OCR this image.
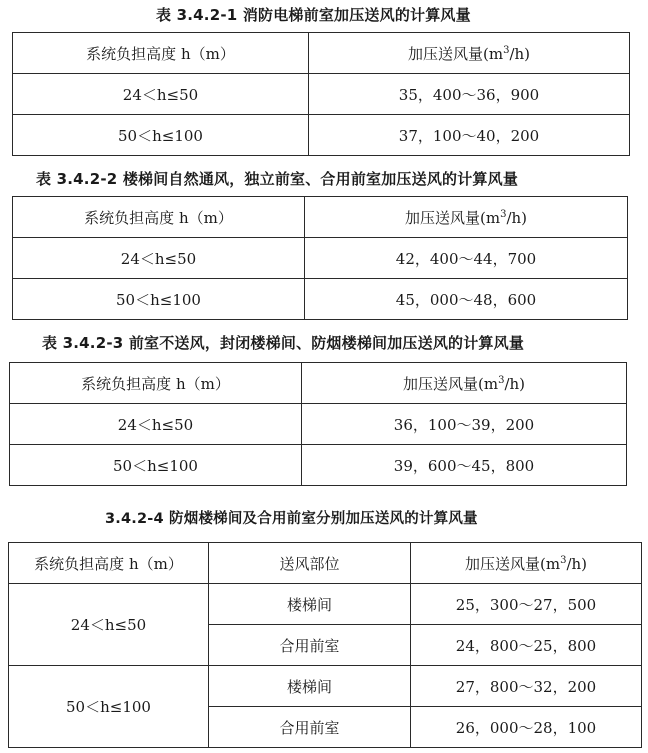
表 3.4.2-1 消防电梯前室加压送风的计算风量
系统负担高度 h（m）	加压送风量$(m^3/h)$
24＜h≤50	35，400～36，900
50＜h≤100	37，100～40，200
表 3.4.2-2 楼梯间自然通风，独立前室、合用前室加压送风的计算风量
系统负担高度 h（m）	加压送风量$(m^3/h)$
24＜h≤50	42，400～44，700
50＜h≤100	45，000～48，600
表 3.4.2-3 前室不送风，封闭楼梯间、防烟楼梯间加压送风的计算风量
系统负担高度 h（m）	加压送风量$(m^3/h)$
24＜h≤50	36，100～39，200
50＜h≤100	39，600～45，800
3.4.2-4 防烟楼梯间及合用前室分别加压送风的计算风量
系统负担高度 h（m）	送风部位	加压送风量$(m^3/h)$
24＜h≤50	楼梯间	25，300～27，500
	合用前室	24，800～25，800
50＜h≤100	楼梯间	27，800～32，200
	合用前室	26，000～28，100
